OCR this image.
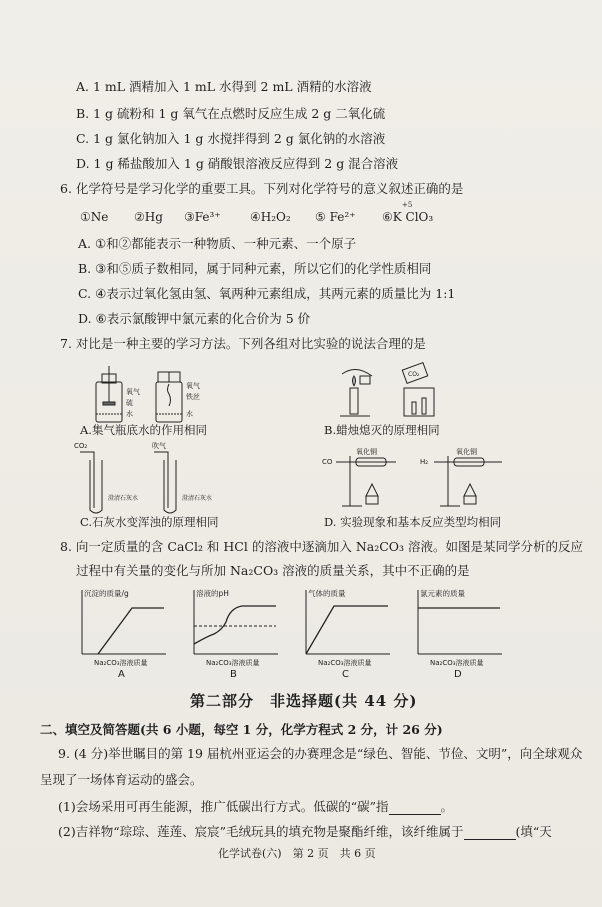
A. 1 mL 酒精加入 1 mL 水得到 2 mL 酒精的水溶液
B. 1 g 硫粉和 1 g 氧气在点燃时反应生成 2 g 二氧化硫
C. 1 g 氯化钠加入 1 g 水搅拌得到 2 g 氯化钠的水溶液
D. 1 g 稀盐酸加入 1 g 硝酸银溶液反应得到 2 g 混合溶液
6. 化学符号是学习化学的重要工具。下列对化学符号的意义叙述正确的是
①Ne ②Hg ③Fe³⁺ ④H₂O₂ ⑤ Fe²⁺ ⑥K ClO₃
+5
A. ①和②都能表示一种物质、一种元素、一个原子
B. ③和⑤质子数相同，属于同种元素，所以它们的化学性质相同
C. ④表示过氧化氢由氢、氧两种元素组成，其两元素的质量比为 1:1
D. ⑥表示氯酸钾中氯元素的化合价为 5 价
7. 对比是一种主要的学习方法。下列各组对比实验的说法合理的是
氧气
硫
水
氧气
铁丝
水
A.集气瓶底水的作用相同
CO₂
B.蜡烛熄灭的原理相同
CO₂
澄清石灰水
吹气
澄清石灰水
C.石灰水变浑浊的原理相同
CO
氧化铜
H₂
氧化铜
D. 实验现象和基本反应类型均相同
8. 向一定质量的含 CaCl₂ 和 HCl 的溶液中逐滴加入 Na₂CO₃ 溶液。如图是某同学分析的反应
过程中有关量的变化与所加 Na₂CO₃ 溶液的质量关系，其中不正确的是
沉淀的质量/g
Na₂CO₃溶液质量
A
溶液的pH
Na₂CO₃溶液质量
B
气体的质量
Na₂CO₃溶液质量
C
氯元素的质量
Na₂CO₃溶液质量
D
第二部分　非选择题(共 44 分)
二、填空及简答题(共 6 小题，每空 1 分，化学方程式 2 分，计 26 分)
9. (4 分)举世瞩目的第 19 届杭州亚运会的办赛理念是“绿色、智能、节俭、文明”，向全球观众
呈现了一场体育运动的盛会。
(1)会场采用可再生能源，推广低碳出行方式。低碳的“碳”指	。
(2)吉祥物“琮琮、莲莲、宸宸”毛绒玩具的填充物是聚酯纤维，该纤维属于	(填“天
化学试卷(六)　第 2 页　共 6 页
